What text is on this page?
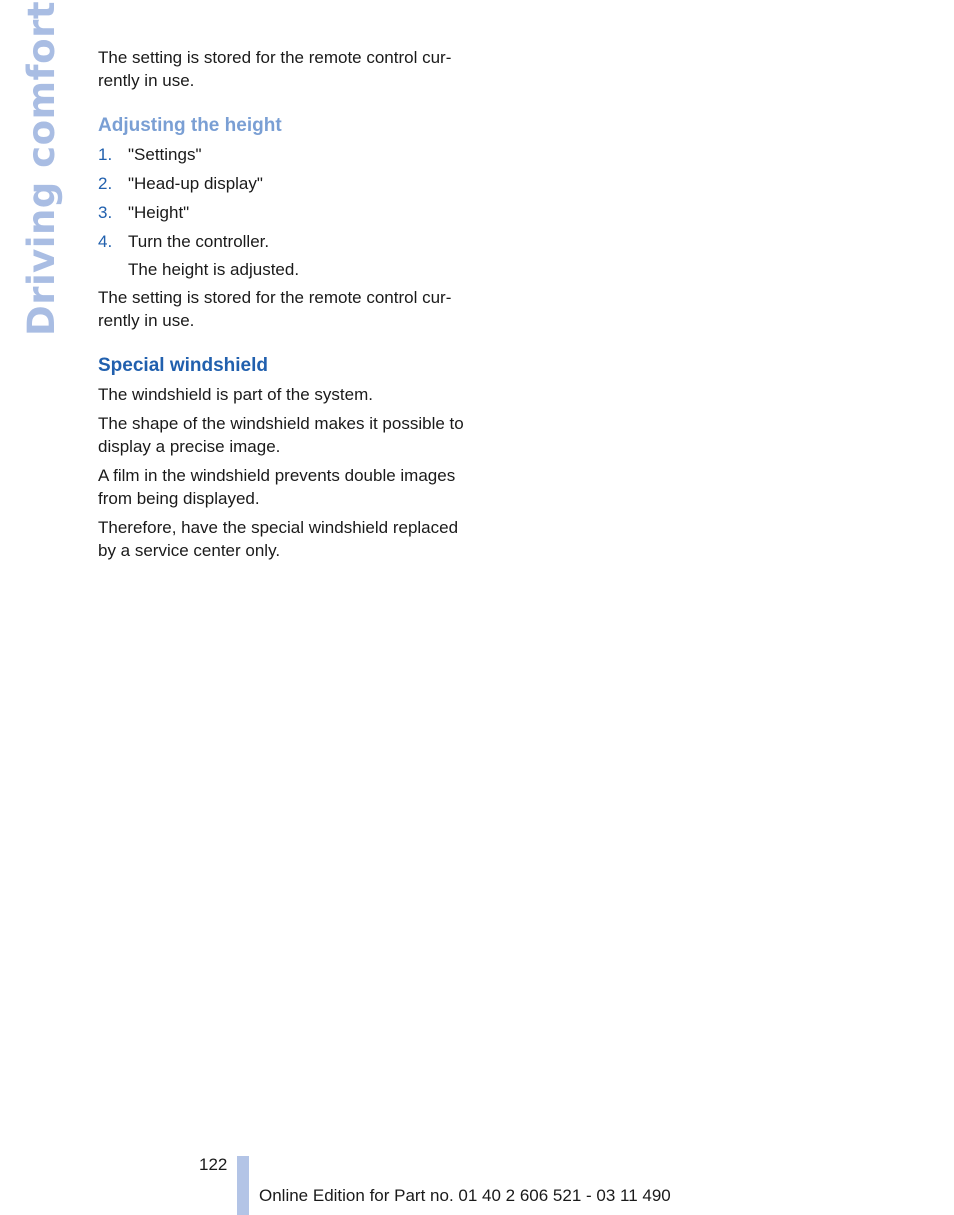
Driving comfort The setting is stored for the remote control cur-rently in use.

Adjusting the height
1. "Settings"
2. "Head-up display"
3. "Height"
4. Turn the controller.

The height is adjusted.

The setting is stored for the remote control cur-rently in use.

Special windshield

The windshield is part of the system.

The shape of the windshield makes it possible to display a precise image.

A film in the windshield prevents double images from being displayed.

Therefore, have the special windshield replaced by a service center only.

122
Online Edition for Part no. 01 40 2 606 521 - 03 11 490
